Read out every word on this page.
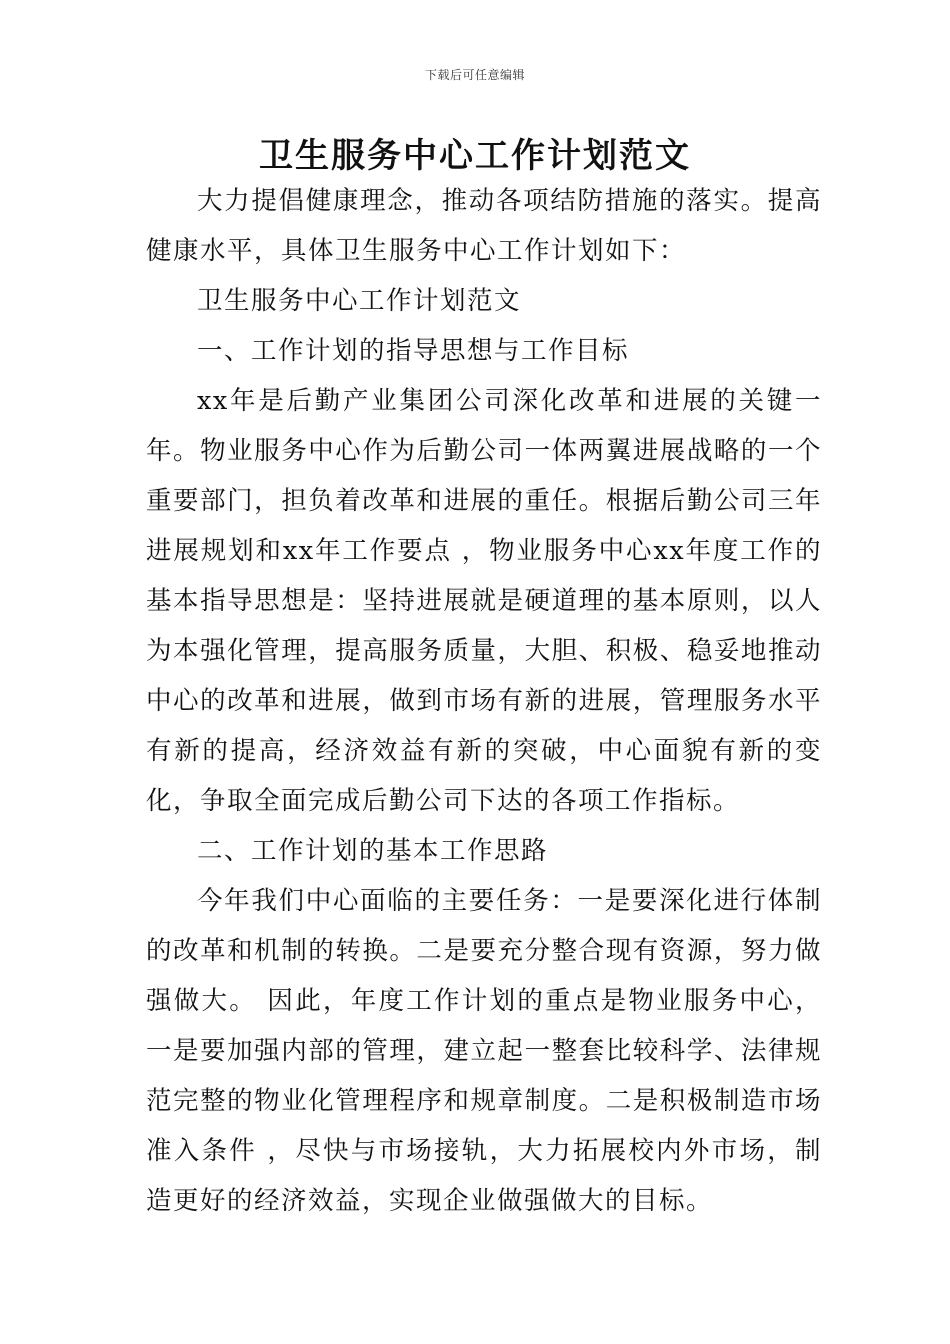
下载后可任意编辑
卫生服务中心工作计划范文

大力提倡健康理念，推动各项结防措施的落实。提高健康水平，具体卫生服务中心工作计划如下：

卫生服务中心工作计划范文

一、工作计划的指导思想与工作目标

xx年是后勤产业集团公司深化改革和进展的关键一年。物业服务中心作为后勤公司一体两翼进展战略的一个重要部门，担负着改革和进展的重任。根据后勤公司三年进展规划和xx年工作要点 ，物业服务中心xx年度工作的基本指导思想是：坚持进展就是硬道理的基本原则，以人为本强化管理，提高服务质量，大胆、积极、稳妥地推动中心的改革和进展，做到市场有新的进展，管理服务水平有新的提高，经济效益有新的突破，中心面貌有新的变化，争取全面完成后勤公司下达的各项工作指标。

二、工作计划的基本工作思路

今年我们中心面临的主要任务：一是要深化进行体制的改革和机制的转换。二是要充分整合现有资源，努力做强做大。 因此，年度工作计划的重点是物业服务中心，一是要加强内部的管理，建立起一整套比较科学、法律规范完整的物业化管理程序和规章制度。二是积极制造市场准入条件 ，尽快与市场接轨，大力拓展校内外市场，制造更好的经济效益，实现企业做强做大的目标。
